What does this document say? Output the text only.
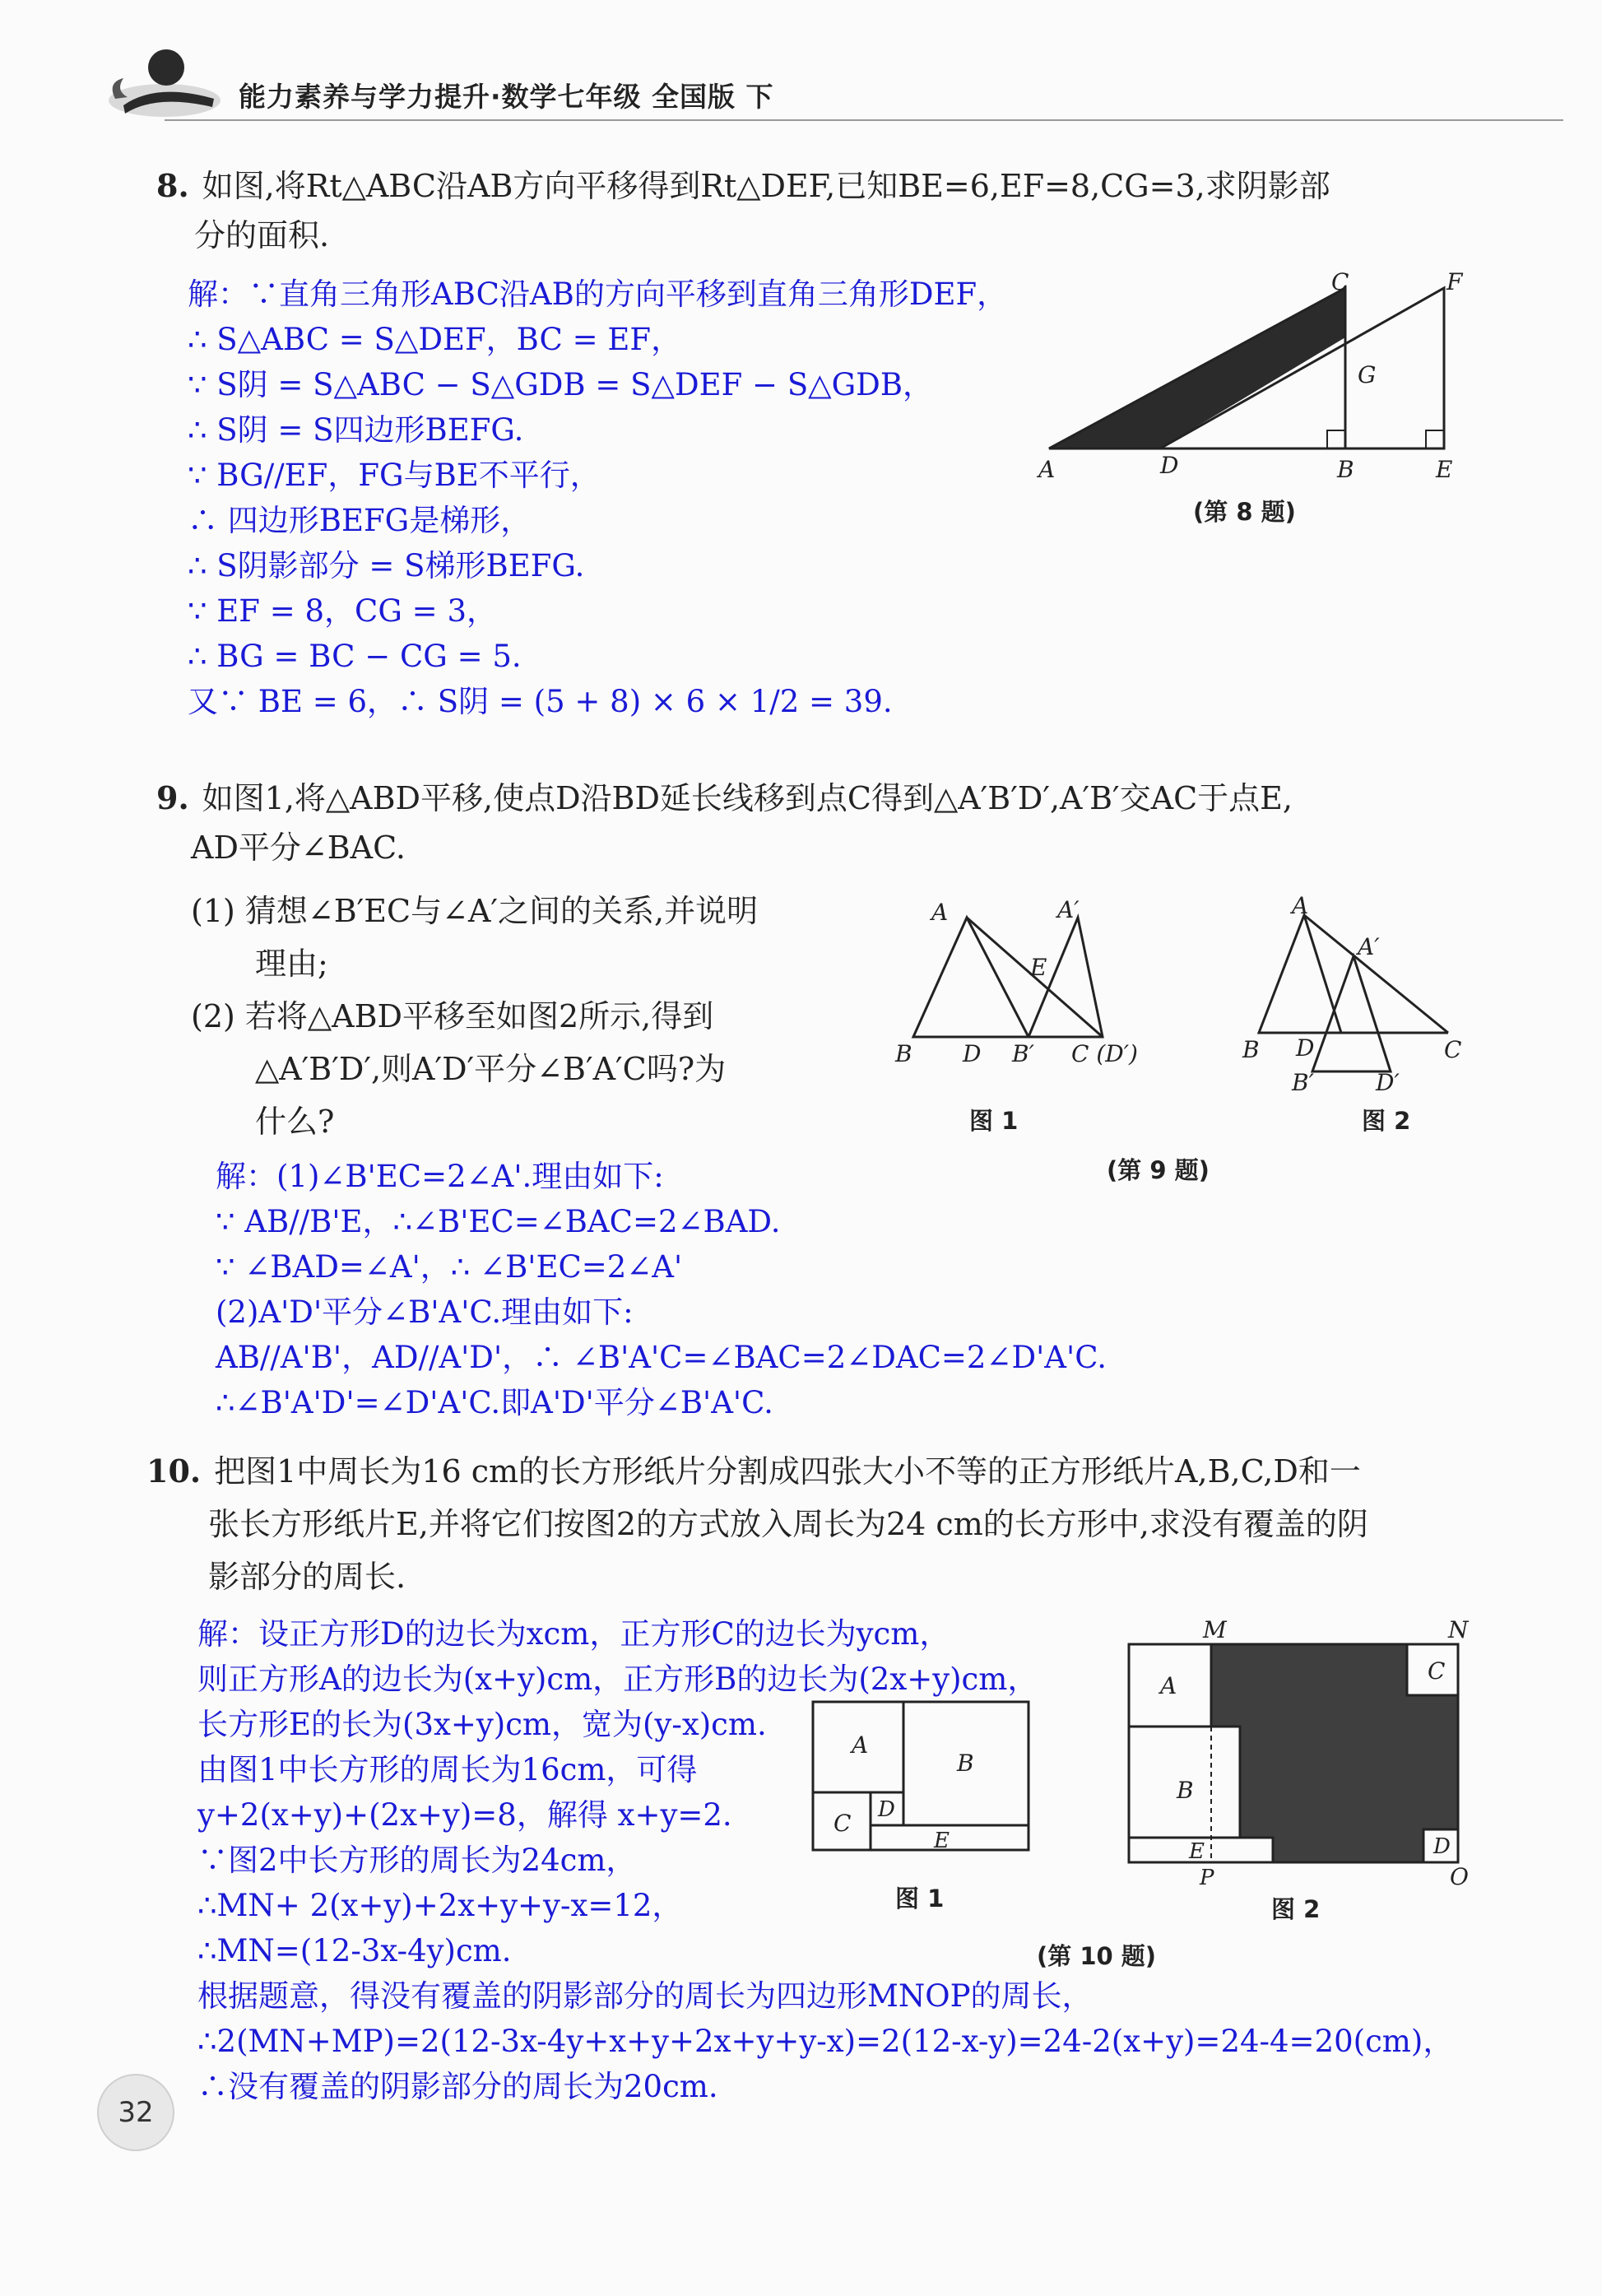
能力素养与学力提升·数学七年级 全国版 下
8. 如图,将Rt△ABC沿AB方向平移得到Rt△DEF,已知BE=6,EF=8,CG=3,求阴影部
分的面积.
解：∵直角三角形ABC沿AB的方向平移到直角三角形DEF，
∴ S△ABC = S△DEF，BC = EF，
∵ S阴 = S△ABC − S△GDB = S△DEF − S△GDB，
∴ S阴 = S四边形BEFG.
∵ BG//EF，FG与BE不平行，
∴ 四边形BEFG是梯形，
∴ S阴影部分 = S梯形BEFG.
∵ EF = 8，CG = 3，
∴ BG = BC − CG = 5.
又∵ BE = 6，∴ S阴 = (5 + 8) × 6 × 1/2 = 39.
A	D	B	E
C	F
G
(第 8 题)
9. 如图1,将△ABD平移,使点D沿BD延长线移到点C得到△A′B′D′,A′B′交AC于点E,
AD平分∠BAC.
(1) 猜想∠B′EC与∠A′之间的关系,并说明
理由;
(2) 若将△ABD平移至如图2所示,得到
△A′B′D′,则A′D′平分∠B′A′C吗?为
什么?
A	A′
E
B D B′ C (D′)
A
A′
B D	C
B′	D′
图 1	图 2
(第 9 题)
解：(1)∠B'EC=2∠A'.理由如下:
∵ AB//B'E，∴∠B'EC=∠BAC=2∠BAD.
∵ ∠BAD=∠A'，∴ ∠B'EC=2∠A'
(2)A'D'平分∠B'A'C.理由如下:
AB//A'B'，AD//A'D'，∴ ∠B'A'C=∠BAC=2∠DAC=2∠D'A'C.
∴∠B'A'D'=∠D'A'C.即A'D'平分∠B'A'C.
10. 把图1中周长为16 cm的长方形纸片分割成四张大小不等的正方形纸片A,B,C,D和一
张长方形纸片E,并将它们按图2的方式放入周长为24 cm的长方形中,求没有覆盖的阴
影部分的周长.
解：设正方形D的边长为xcm，正方形C的边长为ycm，
则正方形A的边长为(x+y)cm，正方形B的边长为(2x+y)cm，
长方形E的长为(3x+y)cm，宽为(y-x)cm.
由图1中长方形的周长为16cm，可得
y+2(x+y)+(2x+y)=8，解得 x+y=2.
∵图2中长方形的周长为24cm，
∴MN+ 2(x+y)+2x+y+y-x=12，
∴MN=(12-3x-4y)cm.
根据题意，得没有覆盖的阴影部分的周长为四边形MNOP的周长，
∴2(MN+MP)=2(12-3x-4y+x+y+2x+y+y-x)=2(12-x-y)=24-2(x+y)=24-4=20(cm)，
∴没有覆盖的阴影部分的周长为20cm.
A
B
C D
E
M	N
A
C
B
D
E
P	O
图 1	图 2
(第 10 题)
32
